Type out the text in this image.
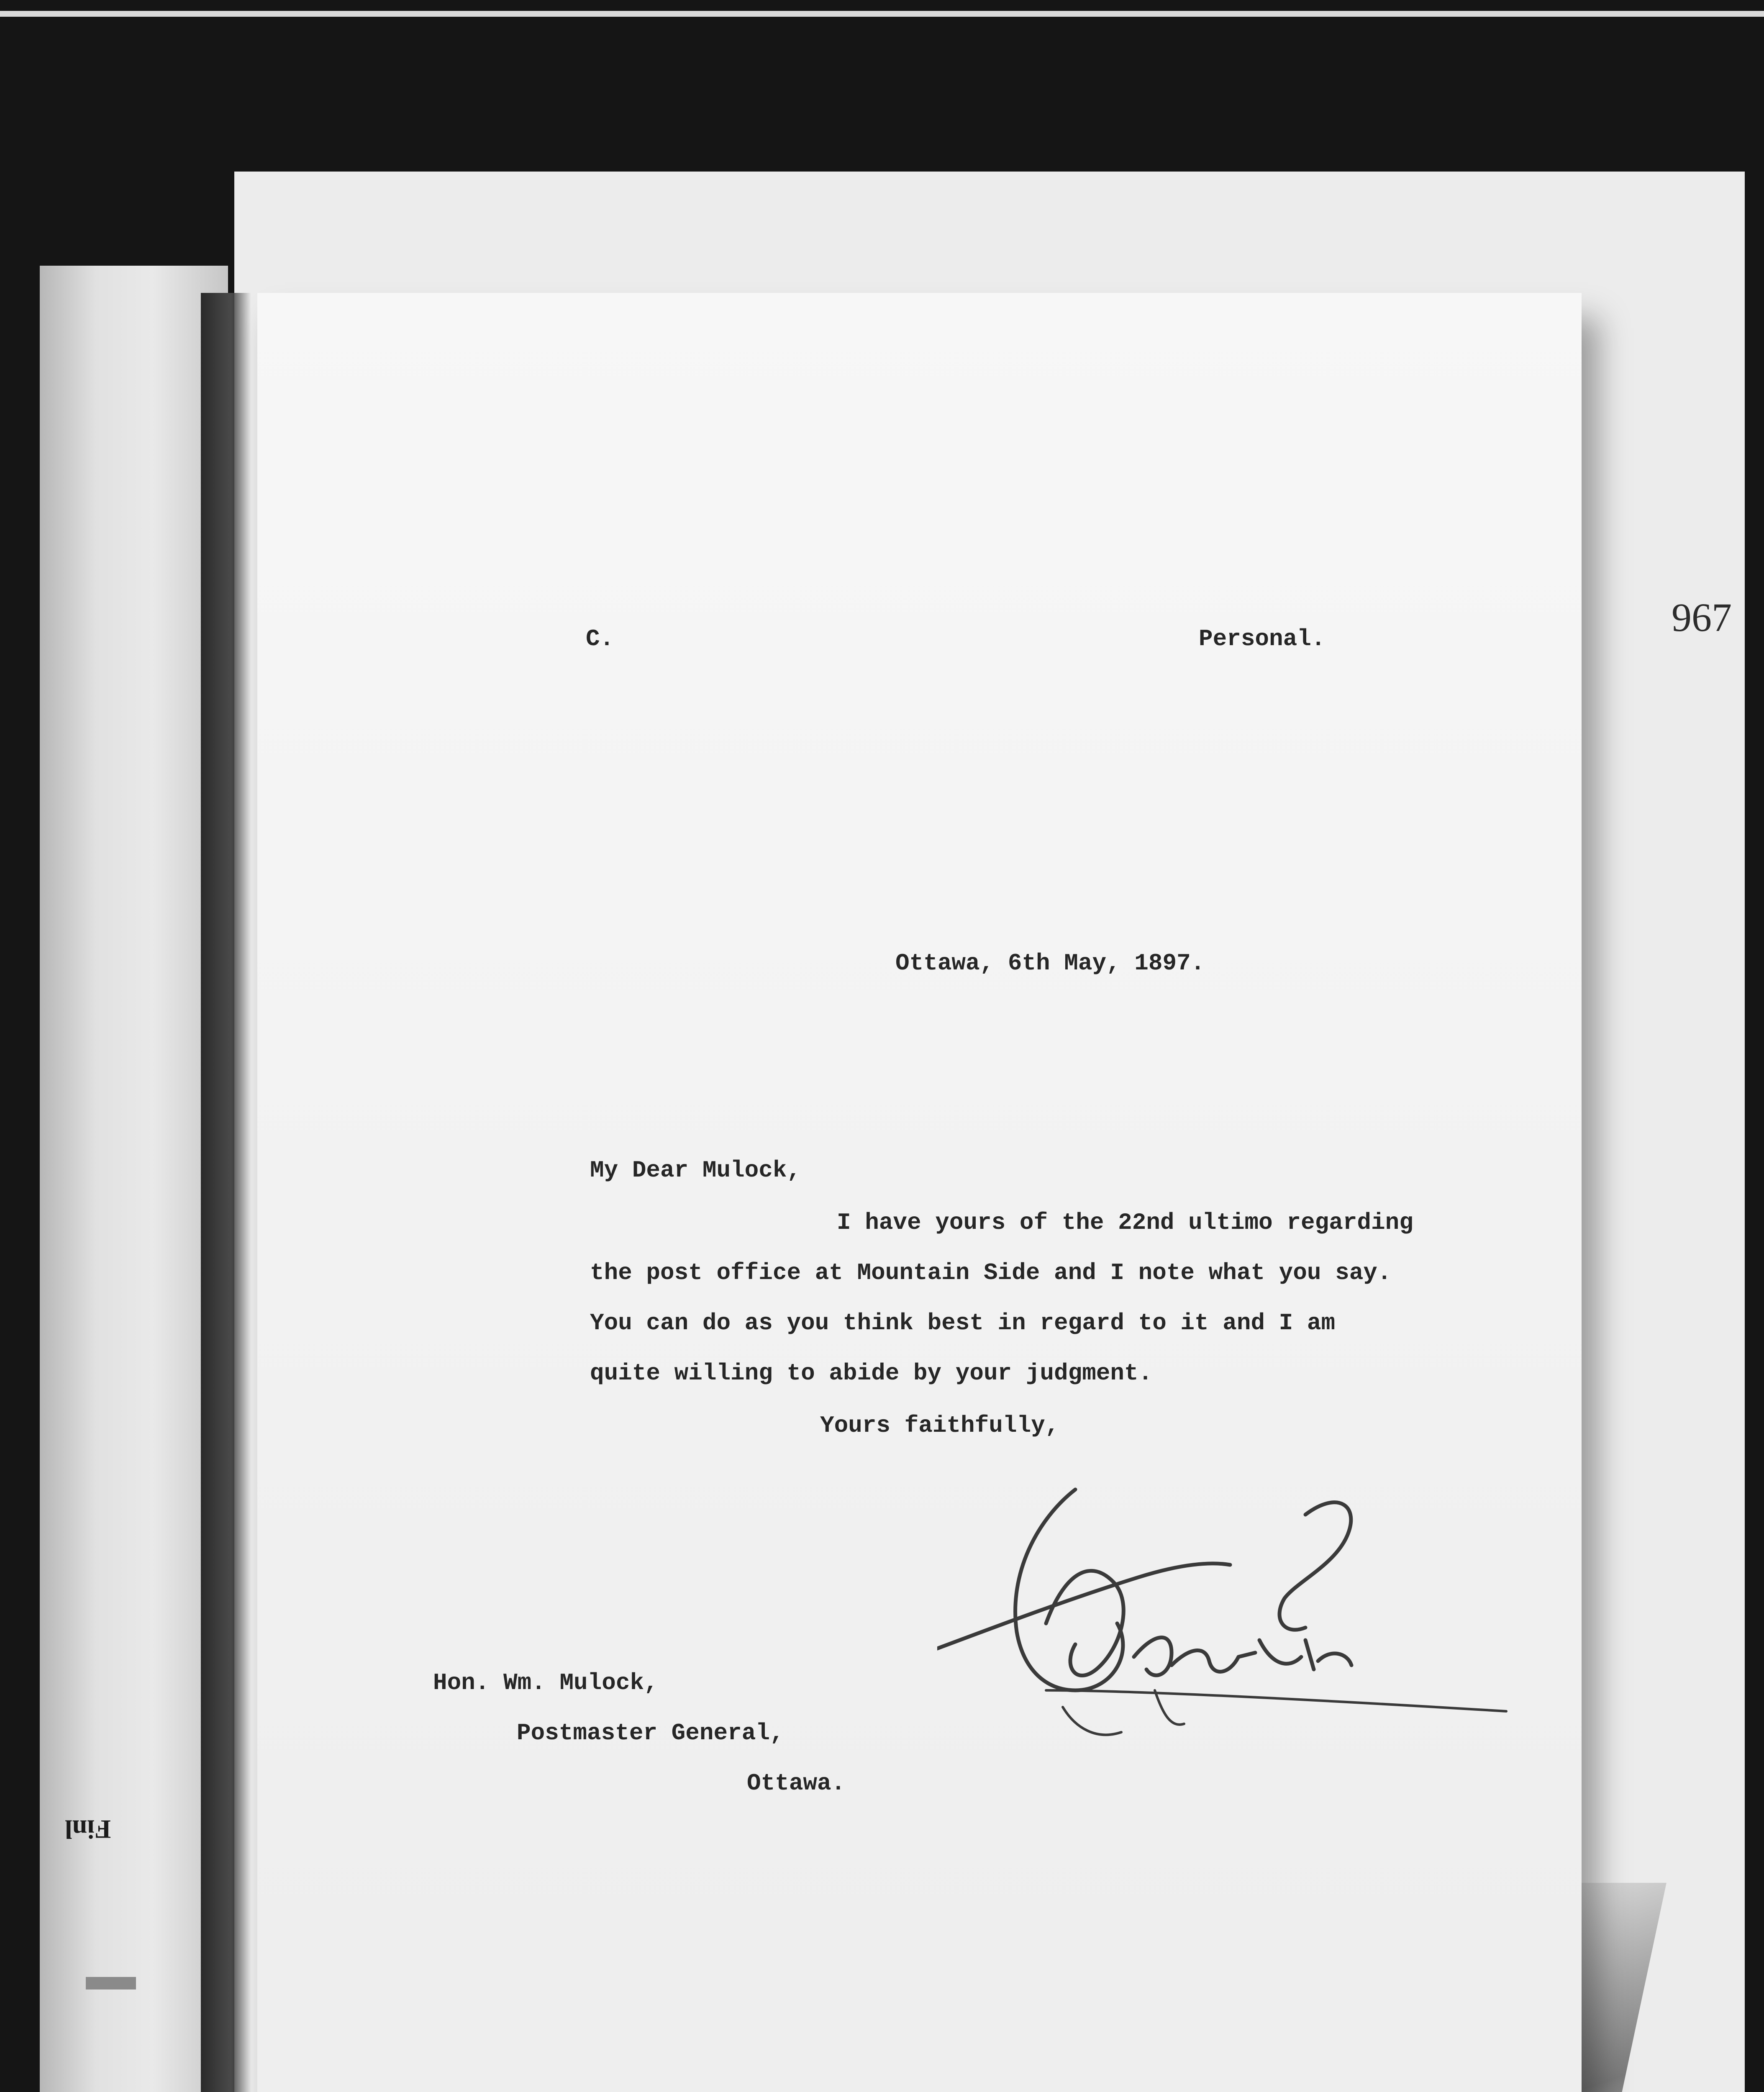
Finl
967
C.	Personal.
Ottawa, 6th May, 1897.
My Dear Mulock,
I have yours of the 22nd ultimo regarding
the post office at Mountain Side and I note what you say.
You can do as you think best in regard to it and I am
quite willing to abide by your judgment.
Yours faithfully,
Hon. Wm. Mulock,
Postmaster General,
Ottawa.
